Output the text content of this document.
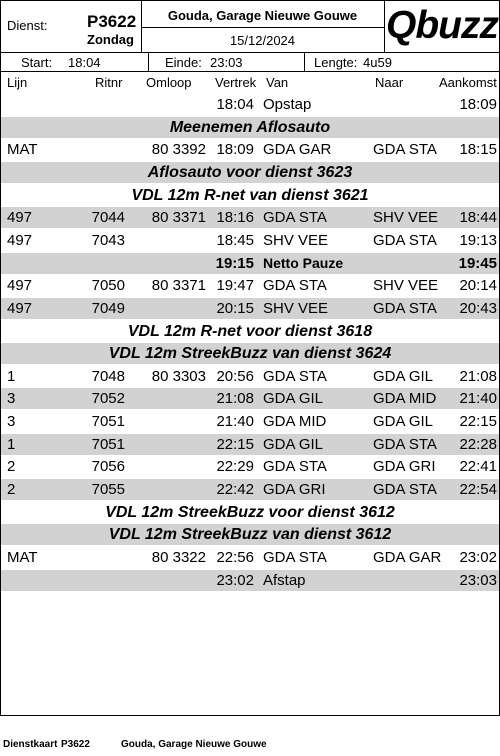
Dienst: P3622
Zondag
Gouda, Garage Nieuwe Gouwe
15/12/2024	Qbuzz
Start: 18:04	Einde: 23:03	Lengte: 4u59
Lijn	Ritnr Omloop Vertrek Van	Naar	Aankomst
18:04 Opstap	18:09
Meenemen Aflosauto
MAT	80 3392 18:09 GDA GAR	GDA STA	18:15
Aflosauto voor dienst 3623
VDL 12m R-net van dienst 3621
497	7044	80 3371 18:16 GDA STA	SHV VEE	18:44
497	7043	18:45 SHV VEE	GDA STA	19:13
19:15 Netto Pauze	19:45
497	7050	80 3371 19:47 GDA STA	SHV VEE	20:14
497	7049	20:15 SHV VEE	GDA STA	20:43
VDL 12m R-net voor dienst 3618
VDL 12m StreekBuzz van dienst 3624
1	7048	80 3303 20:56 GDA STA	GDA GIL	21:08
3	7052	21:08 GDA GIL	GDA MID	21:40
3	7051	21:40 GDA MID	GDA GIL	22:15
1	7051	22:15 GDA GIL	GDA STA	22:28
2	7056	22:29 GDA STA	GDA GRI	22:41
2	7055	22:42 GDA GRI	GDA STA	22:54
VDL 12m StreekBuzz voor dienst 3612
VDL 12m StreekBuzz van dienst 3612
MAT	80 3322 22:56 GDA STA	GDA GAR	23:02
23:02 Afstap	23:03
Dienstkaart P3622	Gouda, Garage Nieuwe Gouwe
